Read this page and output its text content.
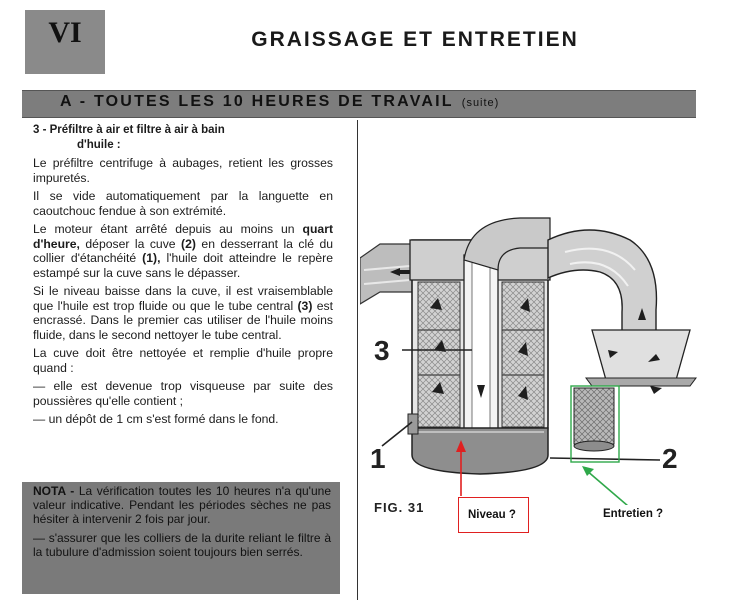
VI	GRAISSAGE ET ENTRETIEN
A - TOUTES LES 10 HEURES DE TRAVAIL (suite)
3 - Préfiltre à air et filtre à air à bain
d'huile :

Le préfiltre centrifuge à aubages, retient les grosses impuretés.

Il se vide automatiquement par la languette en caoutchouc fendue à son extrémité.

Le moteur étant arrêté depuis au moins un quart d'heure, déposer la cuve (2) en desserrant la clé du collier d'étanchéité (1), l'huile doit atteindre le repère estampé sur la cuve sans le dépasser.

Si le niveau baisse dans la cuve, il est vraisemblable que l'huile est trop fluide ou que le tube central (3) est encrassé. Dans le premier cas utiliser de l'huile moins fluide, dans le second nettoyer le tube central.

La cuve doit être nettoyée et remplie d'huile propre quand :

— elle est devenue trop visqueuse par suite des poussières qu'elle contient ;

— un dépôt de 1 cm s'est formé dans le fond.

NOTA - La vérification toutes les 10 heures n'a qu'une valeur indicative. Pendant les périodes sèches ne pas hésiter à intervenir 2 fois par jour.

— s'assurer que les colliers de la durite reliant le filtre à la tubulure d'admission soient toujours bien serrés.

3
1	2
FIG. 31	Niveau ?	Entretien ?
